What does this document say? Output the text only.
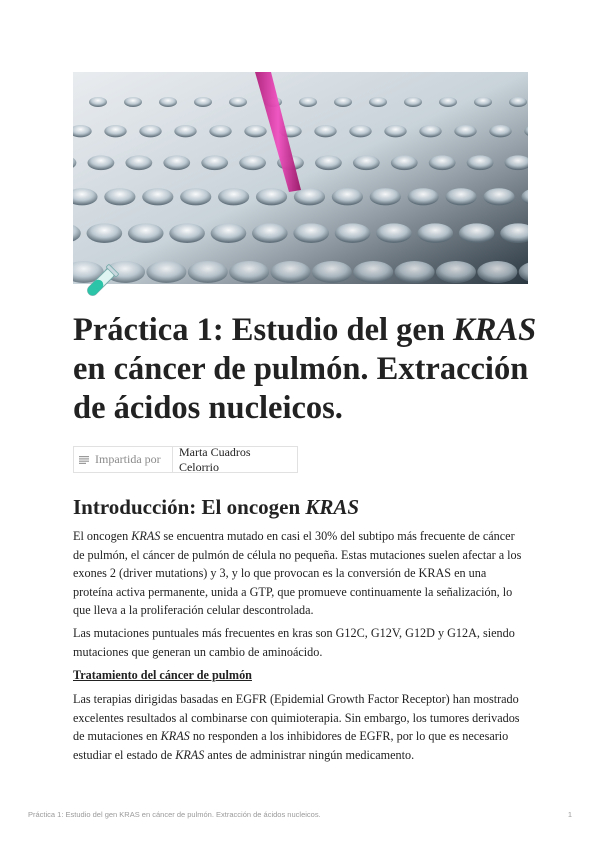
Práctica 1: Estudio del gen KRAS en cáncer de pulmón. Extracción de ácidos nucleicos.
Impartida por
Marta Cuadros Celorrio
Introducción: El oncogen KRAS

El oncogen KRAS se encuentra mutado en casi el 30% del subtipo más frecuente de cáncer de pulmón, el cáncer de pulmón de célula no pequeña. Estas mutaciones suelen afectar a los exones 2 (driver mutations) y 3, y lo que provocan es la conversión de KRAS en una proteína activa permanente, unida a GTP, que promueve continuamente la señalización, lo que lleva a la proliferación celular descontrolada.

Las mutaciones puntuales más frecuentes en kras son G12C, G12V, G12D y G12A, siendo mutaciones que generan un cambio de aminoácido.

Tratamiento del cáncer de pulmón

Las terapias dirigidas basadas en EGFR (Epidemial Growth Factor Receptor) han mostrado excelentes resultados al combinarse con quimioterapia. Sin embargo, los tumores derivados de mutaciones en KRAS no responden a los inhibidores de EGFR, por lo que es necesario estudiar el estado de KRAS antes de administrar ningún medicamento.

Práctica 1: Estudio del gen KRAS en cáncer de pulmón. Extracción de ácidos nucleicos.	1
